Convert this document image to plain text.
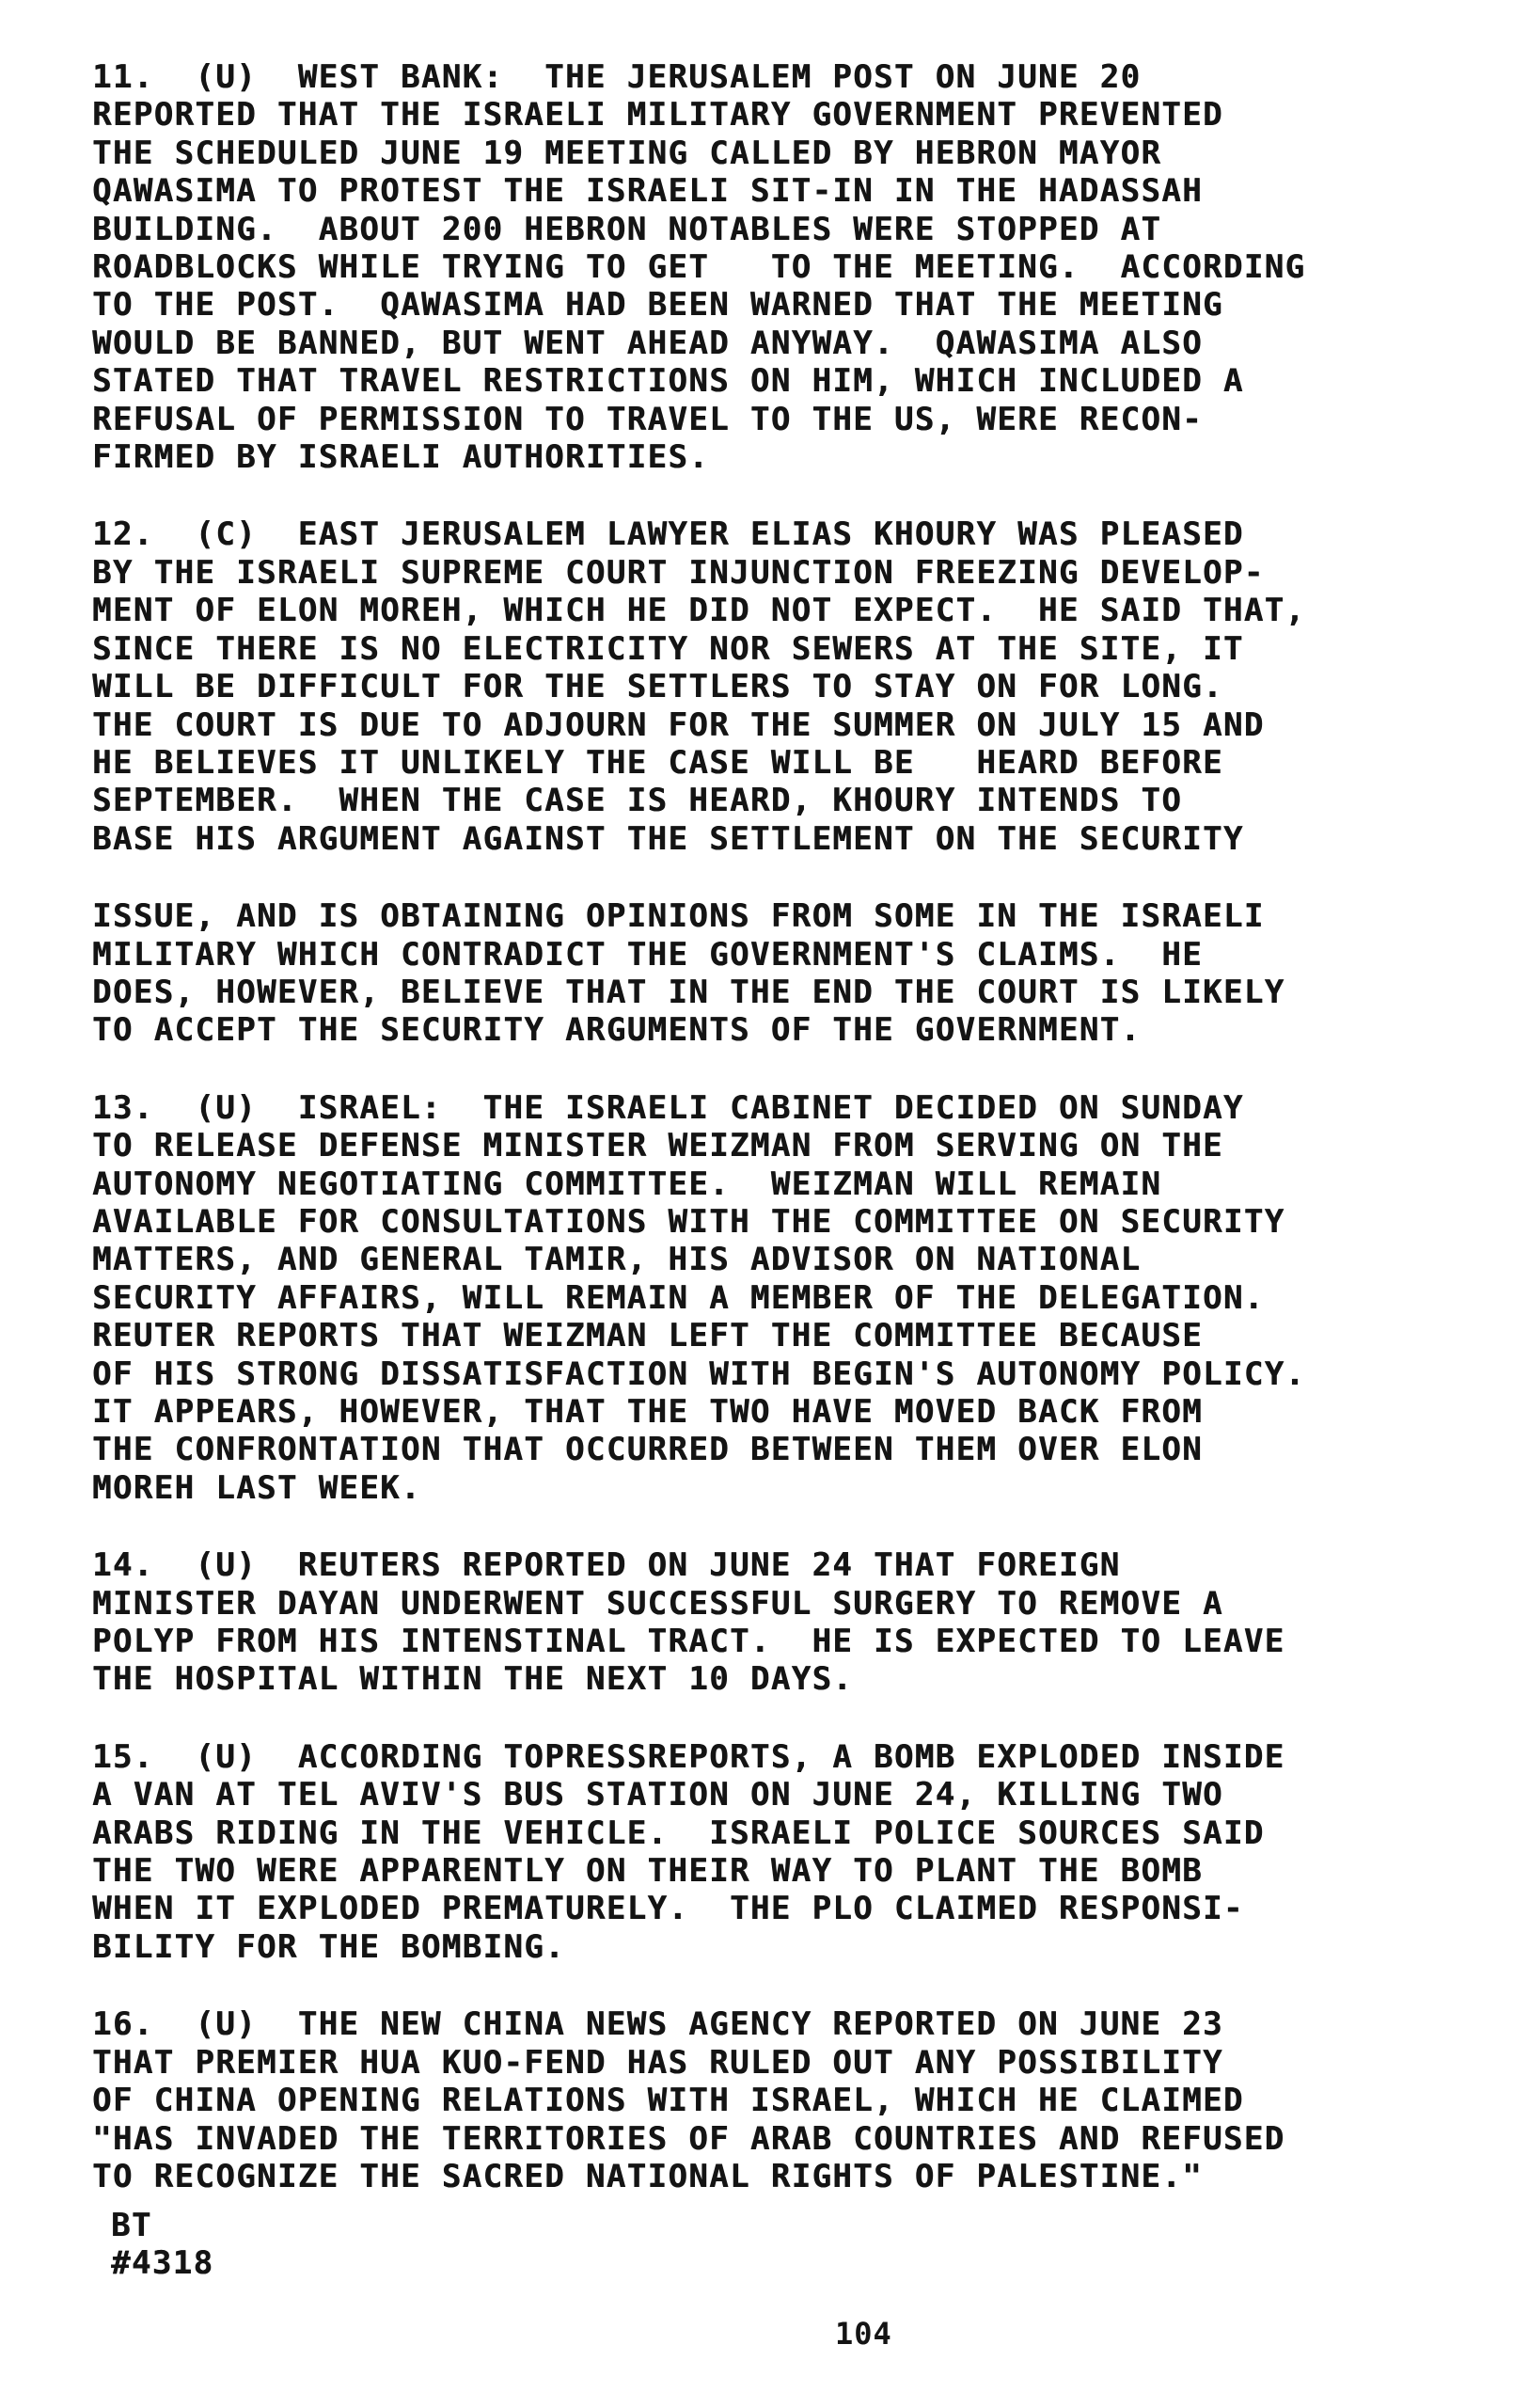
11.  (U)  WEST BANK:  THE JERUSALEM POST ON JUNE 20
REPORTED THAT THE ISRAELI MILITARY GOVERNMENT PREVENTED
THE SCHEDULED JUNE 19 MEETING CALLED BY HEBRON MAYOR
QAWASIMA TO PROTEST THE ISRAELI SIT-IN IN THE HADASSAH
BUILDING.  ABOUT 200 HEBRON NOTABLES WERE STOPPED AT
ROADBLOCKS WHILE TRYING TO GET   TO THE MEETING.  ACCORDING
TO THE POST.  QAWASIMA HAD BEEN WARNED THAT THE MEETING
WOULD BE BANNED, BUT WENT AHEAD ANYWAY.  QAWASIMA ALSO
STATED THAT TRAVEL RESTRICTIONS ON HIM, WHICH INCLUDED A
REFUSAL OF PERMISSION TO TRAVEL TO THE US, WERE RECON-
FIRMED BY ISRAELI AUTHORITIES.
12.  (C)  EAST JERUSALEM LAWYER ELIAS KHOURY WAS PLEASED
BY THE ISRAELI SUPREME COURT INJUNCTION FREEZING DEVELOP-
MENT OF ELON MOREH, WHICH HE DID NOT EXPECT.  HE SAID THAT,
SINCE THERE IS NO ELECTRICITY NOR SEWERS AT THE SITE, IT
WILL BE DIFFICULT FOR THE SETTLERS TO STAY ON FOR LONG.
THE COURT IS DUE TO ADJOURN FOR THE SUMMER ON JULY 15 AND
HE BELIEVES IT UNLIKELY THE CASE WILL BE   HEARD BEFORE
SEPTEMBER.  WHEN THE CASE IS HEARD, KHOURY INTENDS TO
BASE HIS ARGUMENT AGAINST THE SETTLEMENT ON THE SECURITY
ISSUE, AND IS OBTAINING OPINIONS FROM SOME IN THE ISRAELI
MILITARY WHICH CONTRADICT THE GOVERNMENT'S CLAIMS.  HE
DOES, HOWEVER, BELIEVE THAT IN THE END THE COURT IS LIKELY
TO ACCEPT THE SECURITY ARGUMENTS OF THE GOVERNMENT.
13.  (U)  ISRAEL:  THE ISRAELI CABINET DECIDED ON SUNDAY
TO RELEASE DEFENSE MINISTER WEIZMAN FROM SERVING ON THE
AUTONOMY NEGOTIATING COMMITTEE.  WEIZMAN WILL REMAIN
AVAILABLE FOR CONSULTATIONS WITH THE COMMITTEE ON SECURITY
MATTERS, AND GENERAL TAMIR, HIS ADVISOR ON NATIONAL
SECURITY AFFAIRS, WILL REMAIN A MEMBER OF THE DELEGATION.
REUTER REPORTS THAT WEIZMAN LEFT THE COMMITTEE BECAUSE
OF HIS STRONG DISSATISFACTION WITH BEGIN'S AUTONOMY POLICY.
IT APPEARS, HOWEVER, THAT THE TWO HAVE MOVED BACK FROM
THE CONFRONTATION THAT OCCURRED BETWEEN THEM OVER ELON
MOREH LAST WEEK.
14.  (U)  REUTERS REPORTED ON JUNE 24 THAT FOREIGN
MINISTER DAYAN UNDERWENT SUCCESSFUL SURGERY TO REMOVE A
POLYP FROM HIS INTENSTINAL TRACT.  HE IS EXPECTED TO LEAVE
THE HOSPITAL WITHIN THE NEXT 10 DAYS.
15.  (U)  ACCORDING TOPRESSREPORTS, A BOMB EXPLODED INSIDE
A VAN AT TEL AVIV'S BUS STATION ON JUNE 24, KILLING TWO
ARABS RIDING IN THE VEHICLE.  ISRAELI POLICE SOURCES SAID
THE TWO WERE APPARENTLY ON THEIR WAY TO PLANT THE BOMB
WHEN IT EXPLODED PREMATURELY.  THE PLO CLAIMED RESPONSI-
BILITY FOR THE BOMBING.
16.  (U)  THE NEW CHINA NEWS AGENCY REPORTED ON JUNE 23
THAT PREMIER HUA KUO-FEND HAS RULED OUT ANY POSSIBILITY
OF CHINA OPENING RELATIONS WITH ISRAEL, WHICH HE CLAIMED
"HAS INVADED THE TERRITORIES OF ARAB COUNTRIES AND REFUSED
TO RECOGNIZE THE SACRED NATIONAL RIGHTS OF PALESTINE."
BT
#4318
104
